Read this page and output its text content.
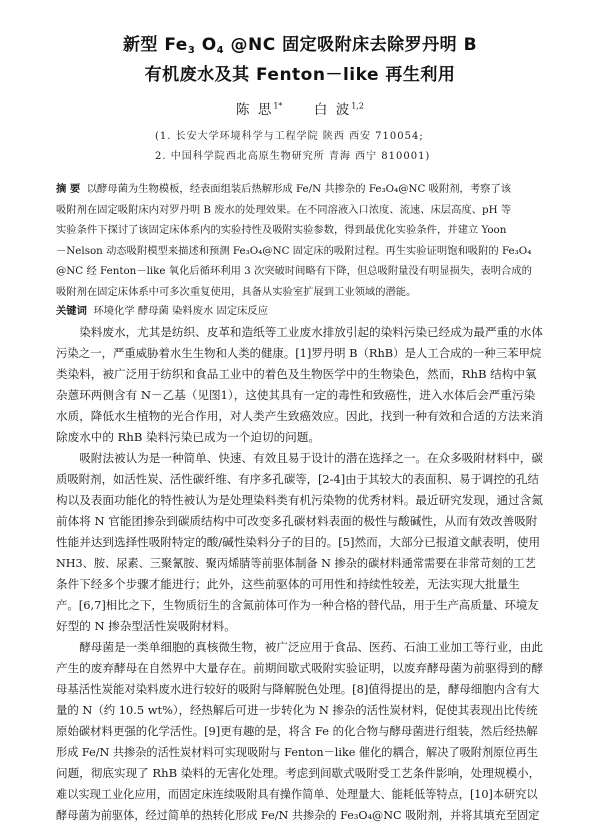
新型 $Fe_3$ $O_4$ @NC 固定吸附床去除罗丹明 B
有机废水及其 Fenton－like 再生利用
陈 思$^{1*}$ 白 波$^{1,2}$
(1. 长安大学环境科学与工程学院 陕西 西安 710054;
2. 中国科学院西北高原生物研究所 青海 西宁 810001)
摘 要 以酵母菌为生物模板，经表面组装后热解形成 Fe/N 共掺杂的 Fe₃O₄@NC 吸附剂，考察了该
吸附剂在固定吸附床内对罗丹明 B 废水的处理效果。在不同溶液入口浓度、流速、床层高度、pH 等
实验条件下探讨了该固定床体系内的实验持性及吸附实验参数，得到最优化实验条件，并建立 Yoon
－Nelson 动态吸附模型来描述和预测 Fe₃O₄@NC 固定床的吸附过程。再生实验证明饱和吸附的 Fe₃O₄
@NC 经 Fenton－like 氧化后循环利用 3 次突破时间略有下降，但总吸附量没有明显损失，表明合成的
吸附剂在固定床体系中可多次重复使用，具备从实验室扩展到工业领域的潜能。
关键词 环境化学 酵母菌 染料废水 固定床反应
染料废水，尤其是纺织、皮革和造纸等工业废水排放引起的染料污染已经成为最严重的水体
污染之一，严重威胁着水生生物和人类的健康。[1]罗丹明 B（RhB）是人工合成的一种三苯甲烷
类染料，被广泛用于纺织和食品工业中的着色及生物医学中的生物染色，然而，RhB 结构中氧
杂蒽环两侧含有 N－乙基（见图1），这使其具有一定的毒性和致癌性，进入水体后会严重污染
水质，降低水生植物的光合作用，对人类产生致癌效应。因此，找到一种有效和合适的方法来消
除废水中的 RhB 染料污染已成为一个迫切的问题。
吸附法被认为是一种简单、快速、有效且易于设计的潜在选择之一。在众多吸附材料中，碳
质吸附剂，如活性炭、活性碳纤维、有序多孔碳等，[2-4]由于其较大的表面积、易于调控的孔结
构以及表面功能化的特性被认为是处理染料类有机污染物的优秀材料。最近研究发现，通过含氮
前体将 N 官能团掺杂到碳质结构中可改变多孔碳材料表面的极性与酸碱性，从而有效改善吸附
性能并达到选择性吸附特定的酸/碱性染料分子的目的。[5]然而，大部分已报道文献表明，使用
NH3、胺、尿素、三聚氰胺、聚丙烯腈等前驱体制备 N 掺杂的碳材料通常需要在非常苛刻的工艺
条件下经多个步骤才能进行；此外，这些前驱体的可用性和持续性较差，无法实现大批量生
产。[6,7]相比之下，生物质衍生的含氮前体可作为一种合格的替代品，用于生产高质量、环境友
好型的 N 掺杂型活性炭吸附材料。
酵母菌是一类单细胞的真核微生物，被广泛应用于食品、医药、石油工业加工等行业，由此
产生的废弃酵母在自然界中大量存在。前期间歇式吸附实验证明，以废弃酵母菌为前驱得到的酵
母基活性炭能对染料废水进行较好的吸附与降解脱色处理。[8]值得提出的是，酵母细胞内含有大
量的 N（约 10.5 wt%），经热解后可进一步转化为 N 掺杂的活性炭材料，促使其表现出比传统
原始碳材料更强的化学活性。[9]更有趣的是，将含 Fe 的化合物与酵母菌进行组装，然后经热解
形成 Fe/N 共掺杂的活性炭材料可实现吸附与 Fenton－like 催化的耦合，解决了吸附剂原位再生
问题，彻底实现了 RhB 染料的无害化处理。考虑到间歇式吸附受工艺条件影响，处理规模小，
难以实现工业化应用，而固定床连续吸附具有操作简单、处理量大、能耗低等特点，[10]本研究以
酵母菌为前驱体，经过简单的热转化形成 Fe/N 共掺杂的 Fe₃O₄@NC 吸附剂，并将其填充至固定
